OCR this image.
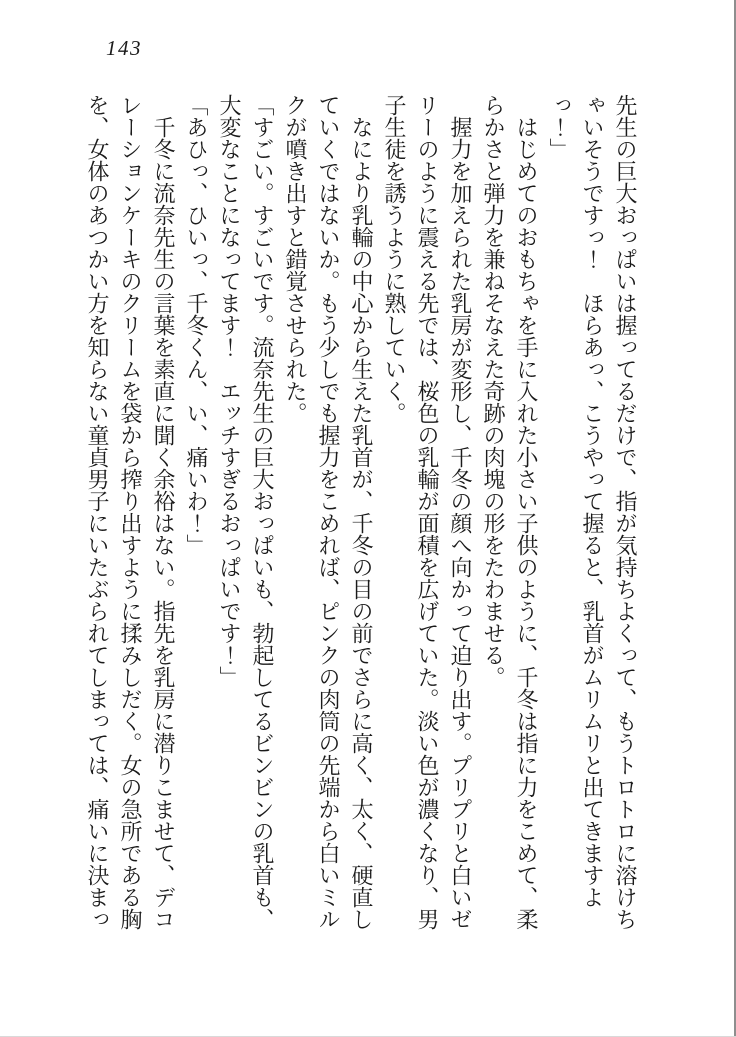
143

先生の巨大おっぱいは握ってるだけで、指が気持ちよくって、もうトロトロに溶けち

ゃいそうですっ！　ほらあっ、こうやって握ると、乳首がムリムリと出てきますよ

っ！」

　はじめてのおもちゃを手に入れた小さい子供のように、千冬は指に力をこめて、柔

らかさと弾力を兼ねそなえた奇跡の肉塊の形をたわませる。

　握力を加えられた乳房が変形し、千冬の顔へ向かって迫り出す。プリプリと白いゼ

リーのように震える先では、桜色の乳輪が面積を広げていた。淡い色が濃くなり、男

子生徒を誘うように熟していく。

　なにより乳輪の中心から生えた乳首が、千冬の目の前でさらに高く、太く、硬直し

ていくではないか。もう少しでも握力をこめれば、ピンクの肉筒の先端から白いミル

クが噴き出すと錯覚させられた。

「すごい。すごいです。流奈先生の巨大おっぱいも、勃起してるビンビンの乳首も、

大変なことになってます！　エッチすぎるおっぱいです！」

「あひっ、ひいっ、千冬くん、い、痛いわ！」

　千冬に流奈先生の言葉を素直に聞く余裕はない。指先を乳房に潜りこませて、デコ

レーションケーキのクリームを袋から搾り出すように揉みしだく。女の急所である胸

を、女体のあつかい方を知らない童貞男子にいたぶられてしまっては、痛いに決まっ
